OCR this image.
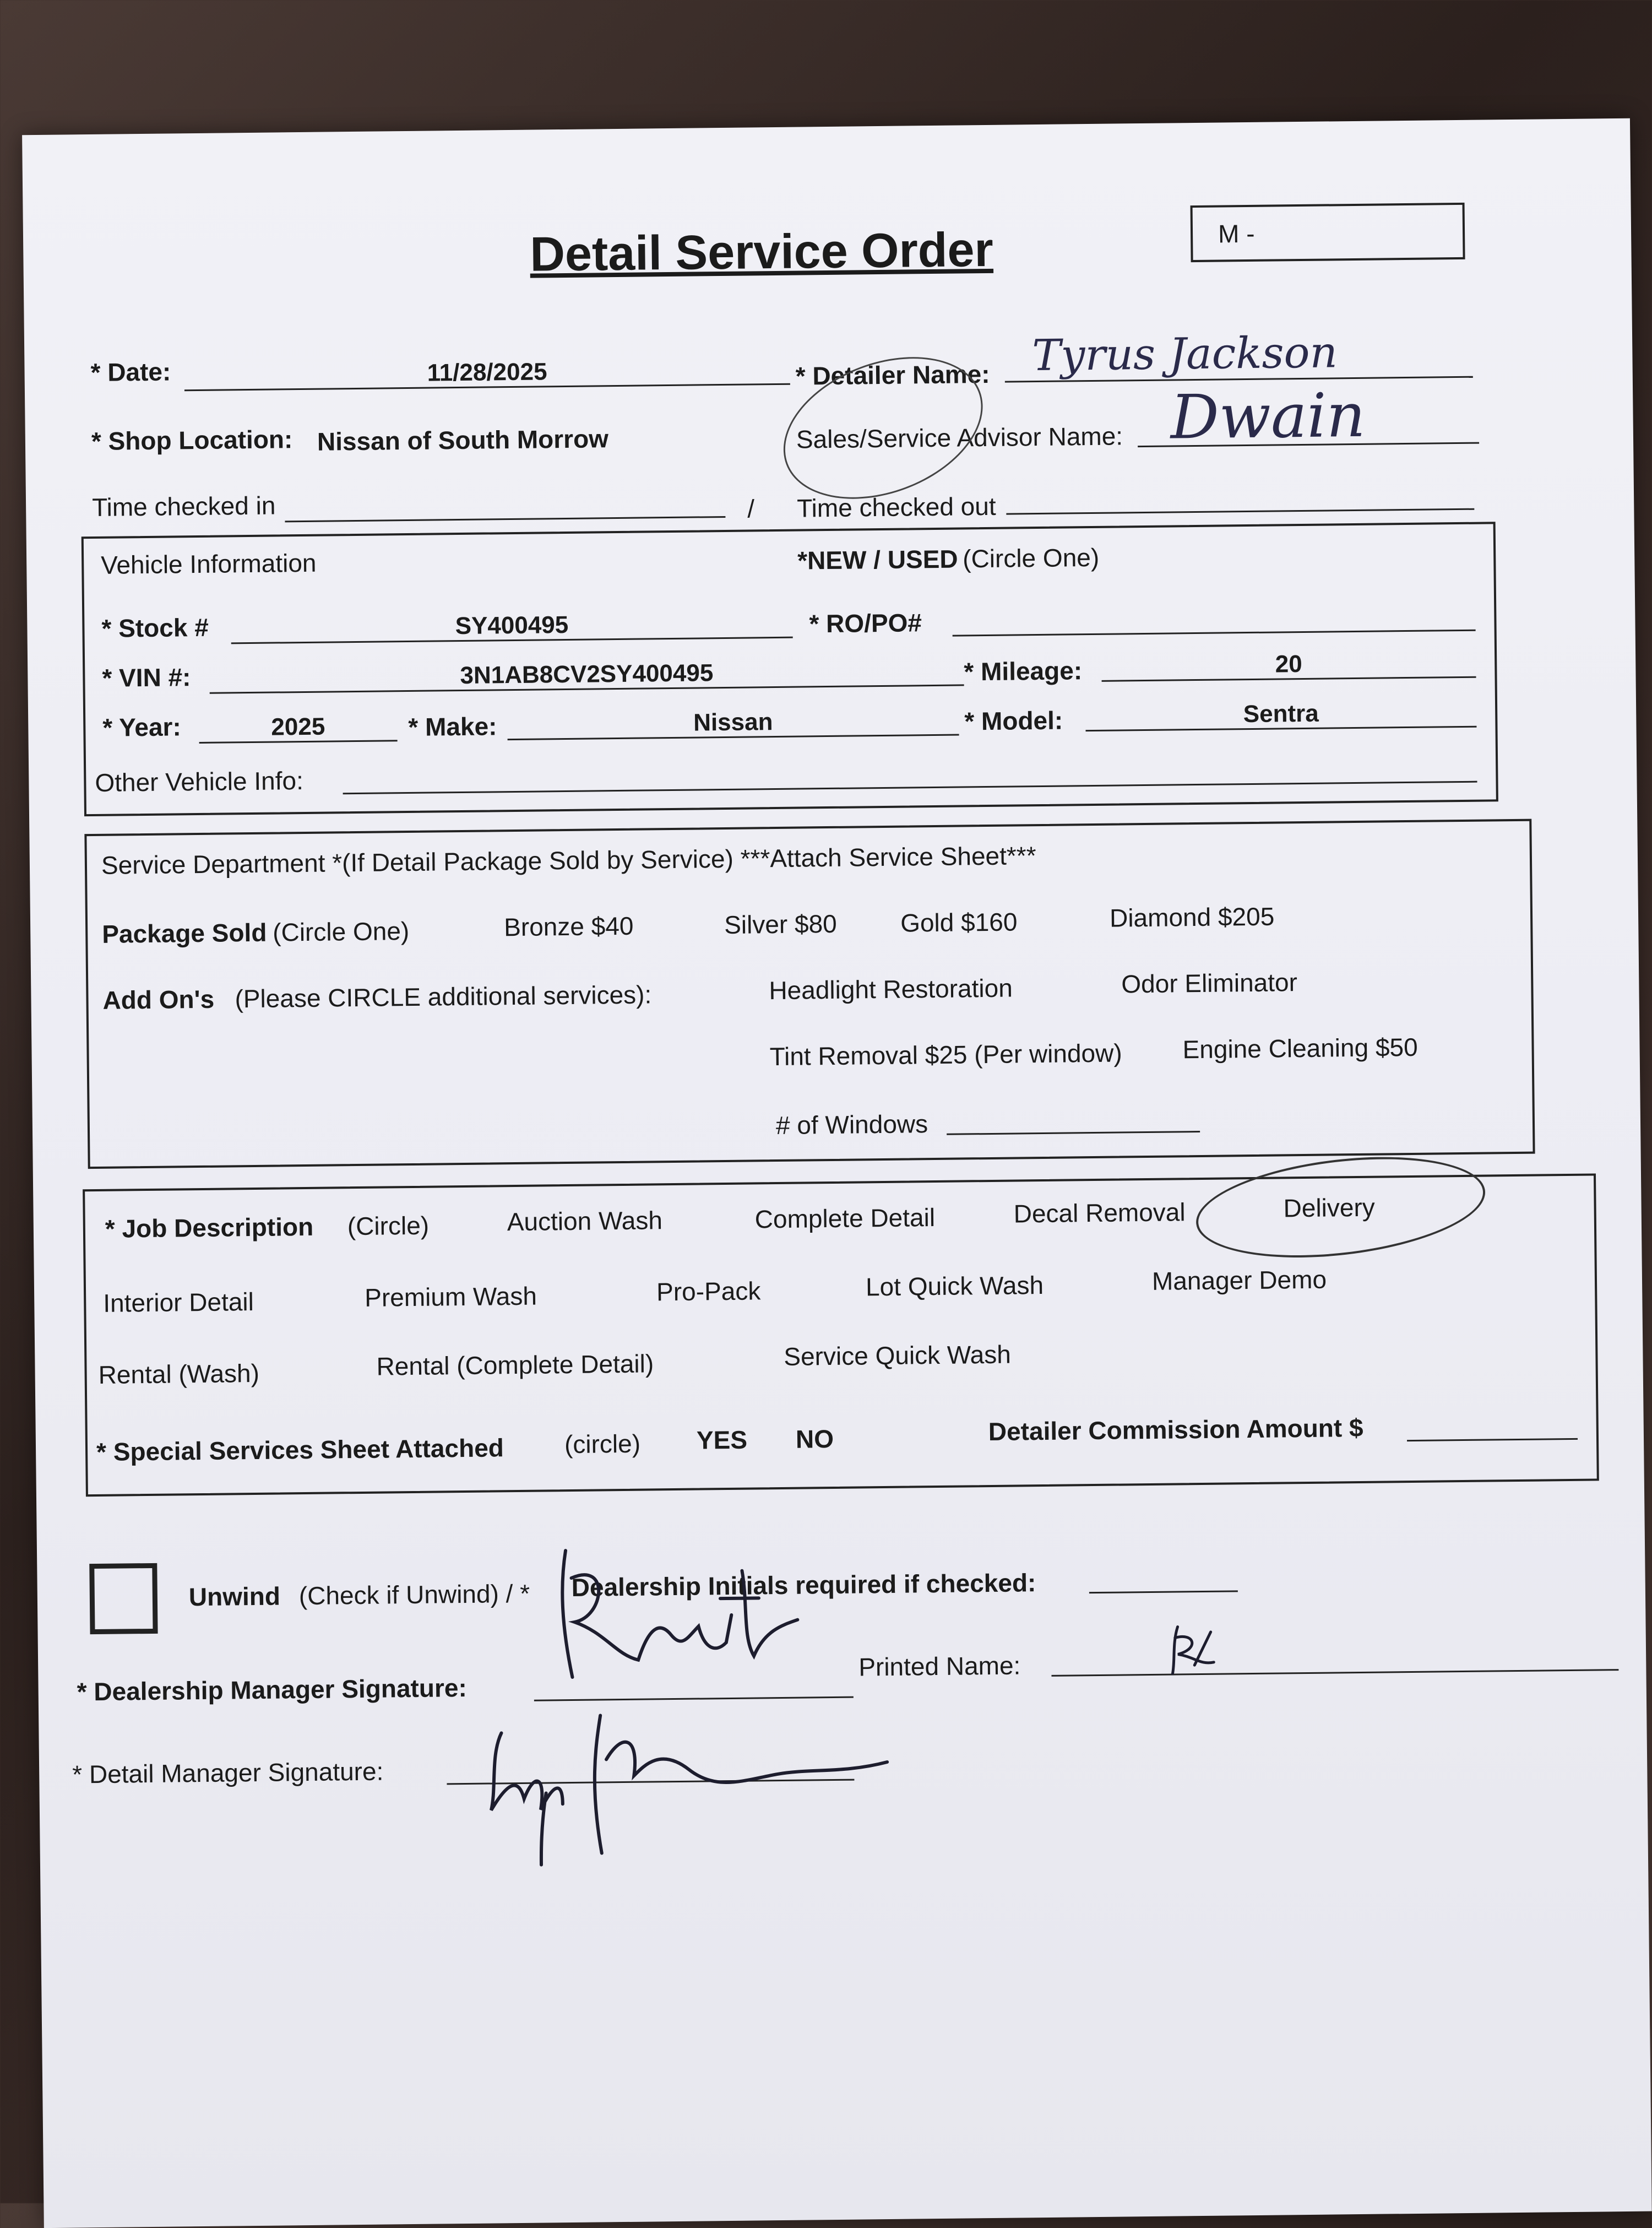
Detail Service Order	M -
* Date:	11/28/2025	* Detailer Name: Tyrus Jackson
* Shop Location: Nissan of South Morrow	Sales/Service Advisor Name: Dwain
Time checked in	/ Time checked out
Vehicle Information	*NEW / USED (Circle One)
* Stock #	SY400495	* RO/PO#
* VIN #:	3N1AB8CV2SY400495	* Mileage:	20
* Year:	2025	* Make:	Nissan	* Model:	Sentra
Other Vehicle Info:
Service Department *(If Detail Package Sold by Service) ***Attach Service Sheet***
Package Sold (Circle One)	Bronze $40	Silver $80 Gold $160	Diamond $205
Add On's (Please CIRCLE additional services):	Headlight Restoration	Odor Eliminator
Tint Removal $25 (Per window) Engine Cleaning $50
# of Windows
* Job Description (Circle)	Auction Wash	Complete Detail	Decal Removal	Delivery
Interior Detail	Premium Wash	Pro-Pack	Lot Quick Wash	Manager Demo
Rental (Wash)	Rental (Complete Detail)	Service Quick Wash
* Special Services Sheet Attached (circle) YES NO	Detailer Commission Amount $
Unwind (Check if Unwind) / * Dealership Initials required if checked:
* Dealership Manager Signature:
Printed Name:
* Detail Manager Signature:
